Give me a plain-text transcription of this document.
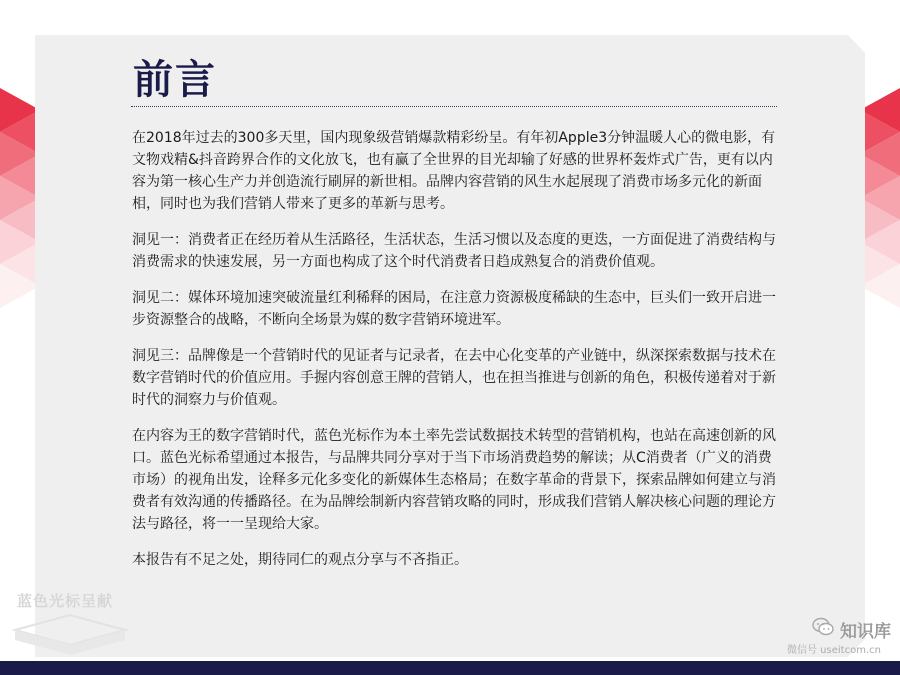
前言

在2018年过去的300多天里，国内现象级营销爆款精彩纷呈。有年初Apple3分钟温暖人心的微电影，有文物戏精&抖音跨界合作的文化放飞，也有赢了全世界的目光却输了好感的世界杯轰炸式广告，更有以内容为第一核心生产力并创造流行刷屏的新世相。品牌内容营销的风生水起展现了消费市场多元化的新面相，同时也为我们营销人带来了更多的革新与思考。

洞见一：消费者正在经历着从生活路径，生活状态，生活习惯以及态度的更迭，一方面促进了消费结构与消费需求的快速发展，另一方面也构成了这个时代消费者日趋成熟复合的消费价值观。

洞见二：媒体环境加速突破流量红利稀释的困局，在注意力资源极度稀缺的生态中，巨头们一致开启进一步资源整合的战略，不断向全场景为媒的数字营销环境进军。

洞见三：品牌像是一个营销时代的见证者与记录者，在去中心化变革的产业链中，纵深探索数据与技术在数字营销时代的价值应用。手握内容创意王牌的营销人，也在担当推进与创新的角色，积极传递着对于新时代的洞察力与价值观。

在内容为王的数字营销时代，蓝色光标作为本土率先尝试数据技术转型的营销机构，也站在高速创新的风口。蓝色光标希望通过本报告，与品牌共同分享对于当下市场消费趋势的解读；从C消费者（广义的消费市场）的视角出发，诠释多元化多变化的新媒体生态格局；在数字革命的背景下，探索品牌如何建立与消费者有效沟通的传播路径。在为品牌绘制新内容营销攻略的同时，形成我们营销人解决核心问题的理论方法与路径，将一一呈现给大家。

本报告有不足之处，期待同仁的观点分享与不吝指正。

蓝色光标呈献
知识库
微信号 useitcom.cn
